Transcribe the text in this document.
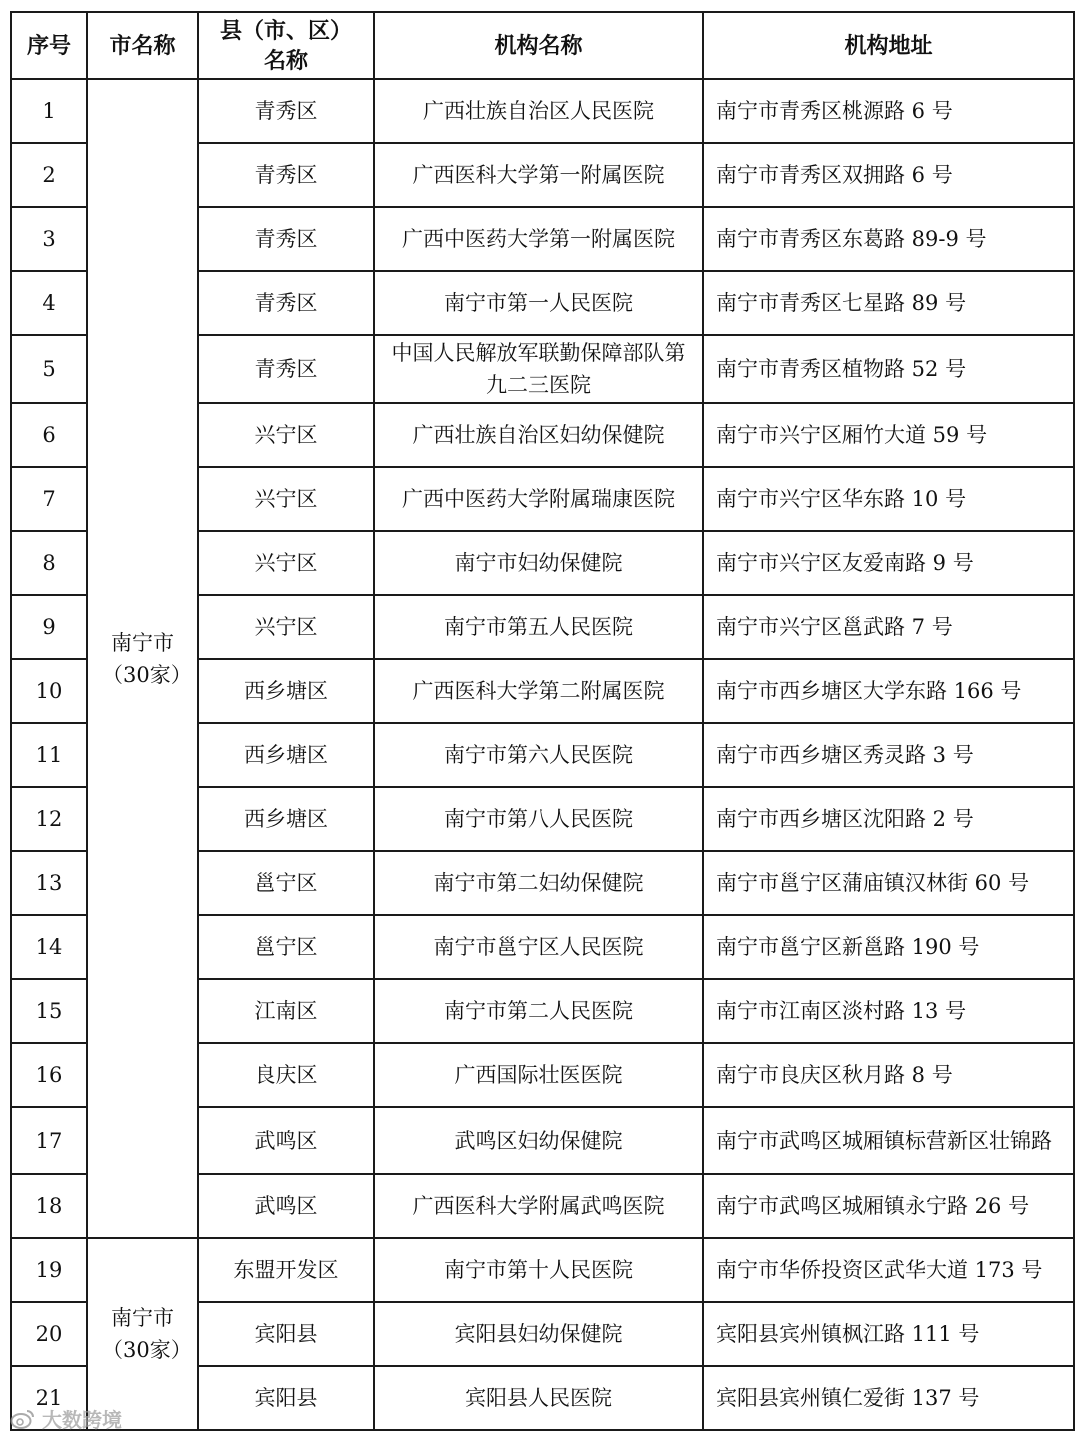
序号	市名称	县（市、区）名称	机构名称	机构地址
1	南宁市（30家）	青秀区	广西壮族自治区人民医院	南宁市青秀区桃源路 6 号
2		青秀区	广西医科大学第一附属医院	南宁市青秀区双拥路 6 号
3		青秀区	广西中医药大学第一附属医院	南宁市青秀区东葛路 89-9 号
4		青秀区	南宁市第一人民医院	南宁市青秀区七星路 89 号
5		青秀区	中国人民解放军联勤保障部队第九二三医院	南宁市青秀区植物路 52 号
6		兴宁区	广西壮族自治区妇幼保健院	南宁市兴宁区厢竹大道 59 号
7		兴宁区	广西中医药大学附属瑞康医院	南宁市兴宁区华东路 10 号
8		兴宁区	南宁市妇幼保健院	南宁市兴宁区友爱南路 9 号
9		兴宁区	南宁市第五人民医院	南宁市兴宁区邕武路 7 号
10		西乡塘区	广西医科大学第二附属医院	南宁市西乡塘区大学东路 166 号
11		西乡塘区	南宁市第六人民医院	南宁市西乡塘区秀灵路 3 号
12		西乡塘区	南宁市第八人民医院	南宁市西乡塘区沈阳路 2 号
13		邕宁区	南宁市第二妇幼保健院	南宁市邕宁区蒲庙镇汉林街 60 号
14		邕宁区	南宁市邕宁区人民医院	南宁市邕宁区新邕路 190 号
15		江南区	南宁市第二人民医院	南宁市江南区淡村路 13 号
16		良庆区	广西国际壮医医院	南宁市良庆区秋月路 8 号
17		武鸣区	武鸣区妇幼保健院	南宁市武鸣区城厢镇标营新区壮锦路
18		武鸣区	广西医科大学附属武鸣医院	南宁市武鸣区城厢镇永宁路 26 号
19	南宁市（30家）	东盟开发区	南宁市第十人民医院	南宁市华侨投资区武华大道 173 号
20		宾阳县	宾阳县妇幼保健院	宾阳县宾州镇枫江路 111 号
21		宾阳县	宾阳县人民医院	宾阳县宾州镇仁爱街 137 号
大数跨境
